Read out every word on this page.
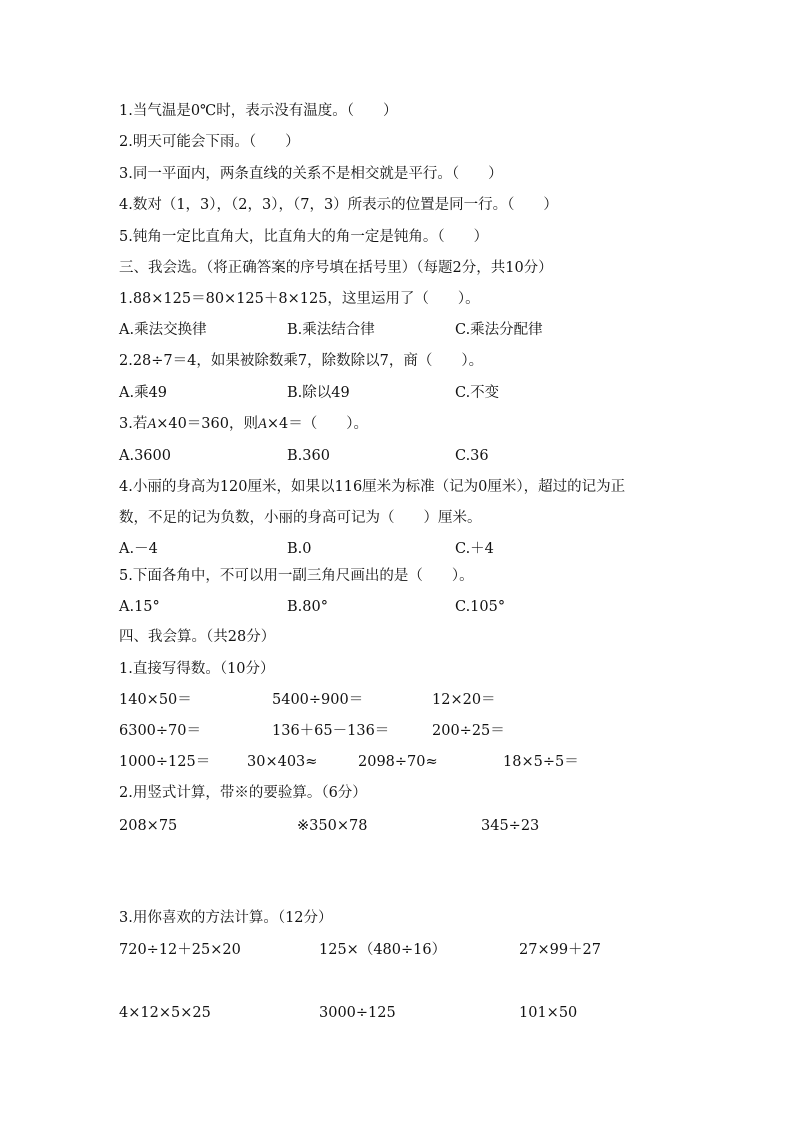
1.当气温是0℃时，表示没有温度。（　　）
2.明天可能会下雨。（　　）
3.同一平面内，两条直线的关系不是相交就是平行。（　　）
4.数对（1，3），（2，3），（7，3）所表示的位置是同一行。（　　）
5.钝角一定比直角大，比直角大的角一定是钝角。（　　）
三、我会选。（将正确答案的序号填在括号里）（每题2分，共10分）
1.88×125＝80×125＋8×125，这里运用了（　　）。
A.乘法交换律	B.乘法结合律	C.乘法分配律
2.28÷7＝4，如果被除数乘7，除数除以7，商（　　）。
A.乘49	B.除以49	C.不变
3.若A×40＝360，则A×4＝（　　）。
A.3600	B.360	C.36
4.小丽的身高为120厘米，如果以116厘米为标准（记为0厘米），超过的记为正
数，不足的记为负数，小丽的身高可记为（　　）厘米。
A.－4	B.0	C.＋4
5.下面各角中，不可以用一副三角尺画出的是（　　）。
A.15°	B.80°	C.105°
四、我会算。（共28分）
1.直接写得数。（10分）
140×50＝	5400÷900＝	12×20＝
6300÷70＝	136＋65－136＝	200÷25＝
1000÷125＝	30×403≈	2098÷70≈	18×5÷5＝
2.用竖式计算，带※的要验算。（6分）
208×75	※350×78	345÷23
3.用你喜欢的方法计算。（12分）
720÷12＋25×20	125×（480÷16）	27×99＋27
4×12×5×25	3000÷125	101×50
